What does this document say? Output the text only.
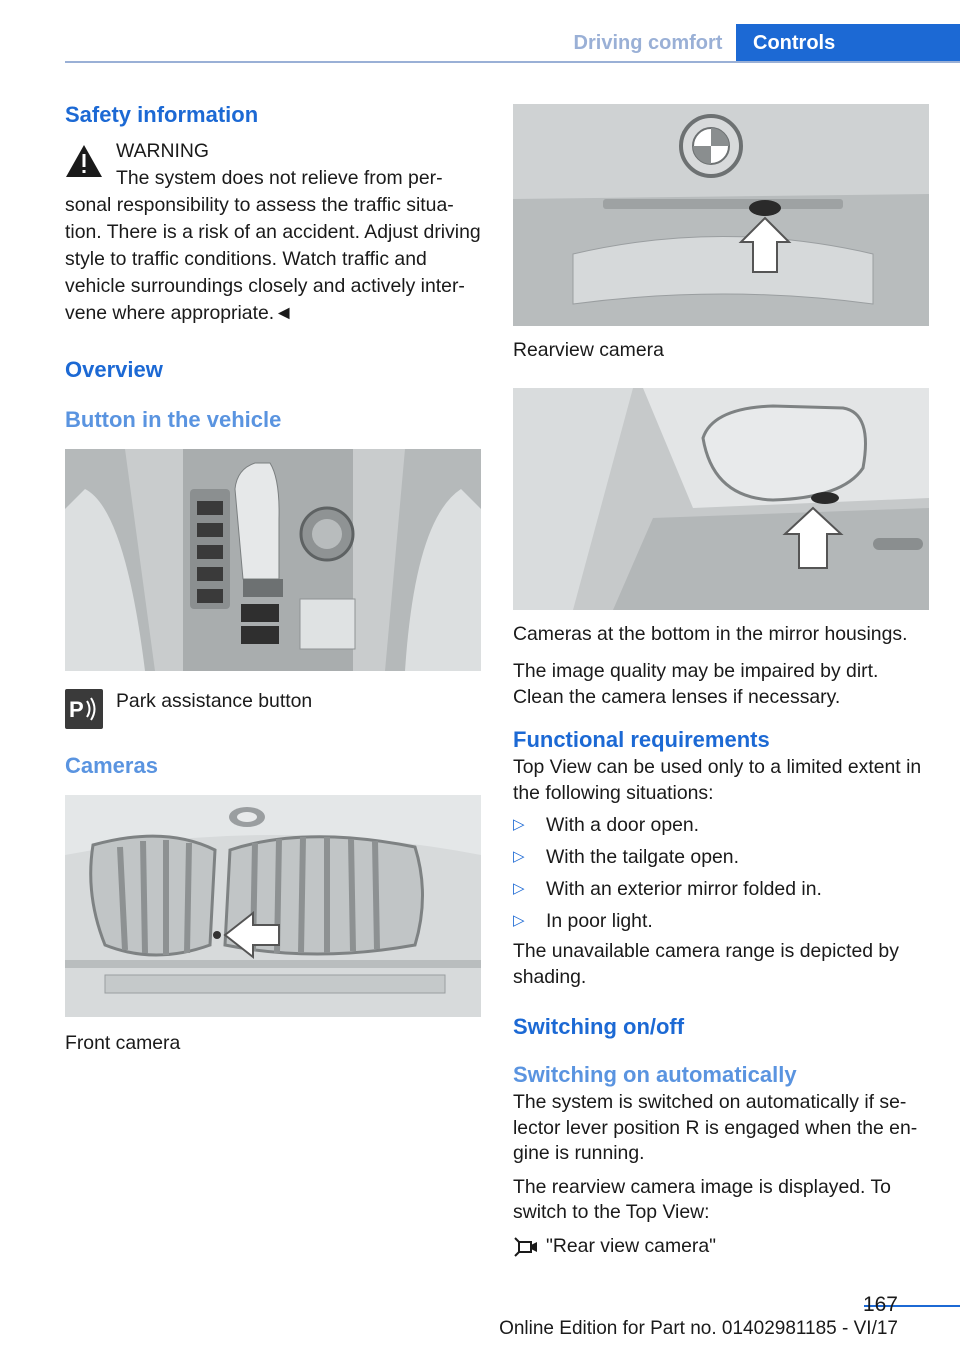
Driving comfort	Controls
Safety information
WARNING
The system does not relieve from personal responsibility to assess the traffic situation. There is a risk of an accident. Adjust driving style to traffic conditions. Watch traffic and vehicle surroundings closely and actively intervene where appropriate.◄
Overview
Button in the vehicle
P Park assistance button
Cameras

Front camera

Rearview camera

Cameras at the bottom in the mirror housings.

The image quality may be impaired by dirt. Clean the camera lenses if necessary.

Functional requirements

Top View can be used only to a limited extent in the following situations:

▷ With a door open.
▷ With the tailgate open.
▷ With an exterior mirror folded in.
▷ In poor light.

The unavailable camera range is depicted by shading.

Switching on/off
Switching on automatically

The system is switched on automatically if selector lever position R is engaged when the engine is running.

The rearview camera image is displayed. To switch to the Top View:

"Rear view camera"
167
Online Edition for Part no. 01402981185 - VI/17
